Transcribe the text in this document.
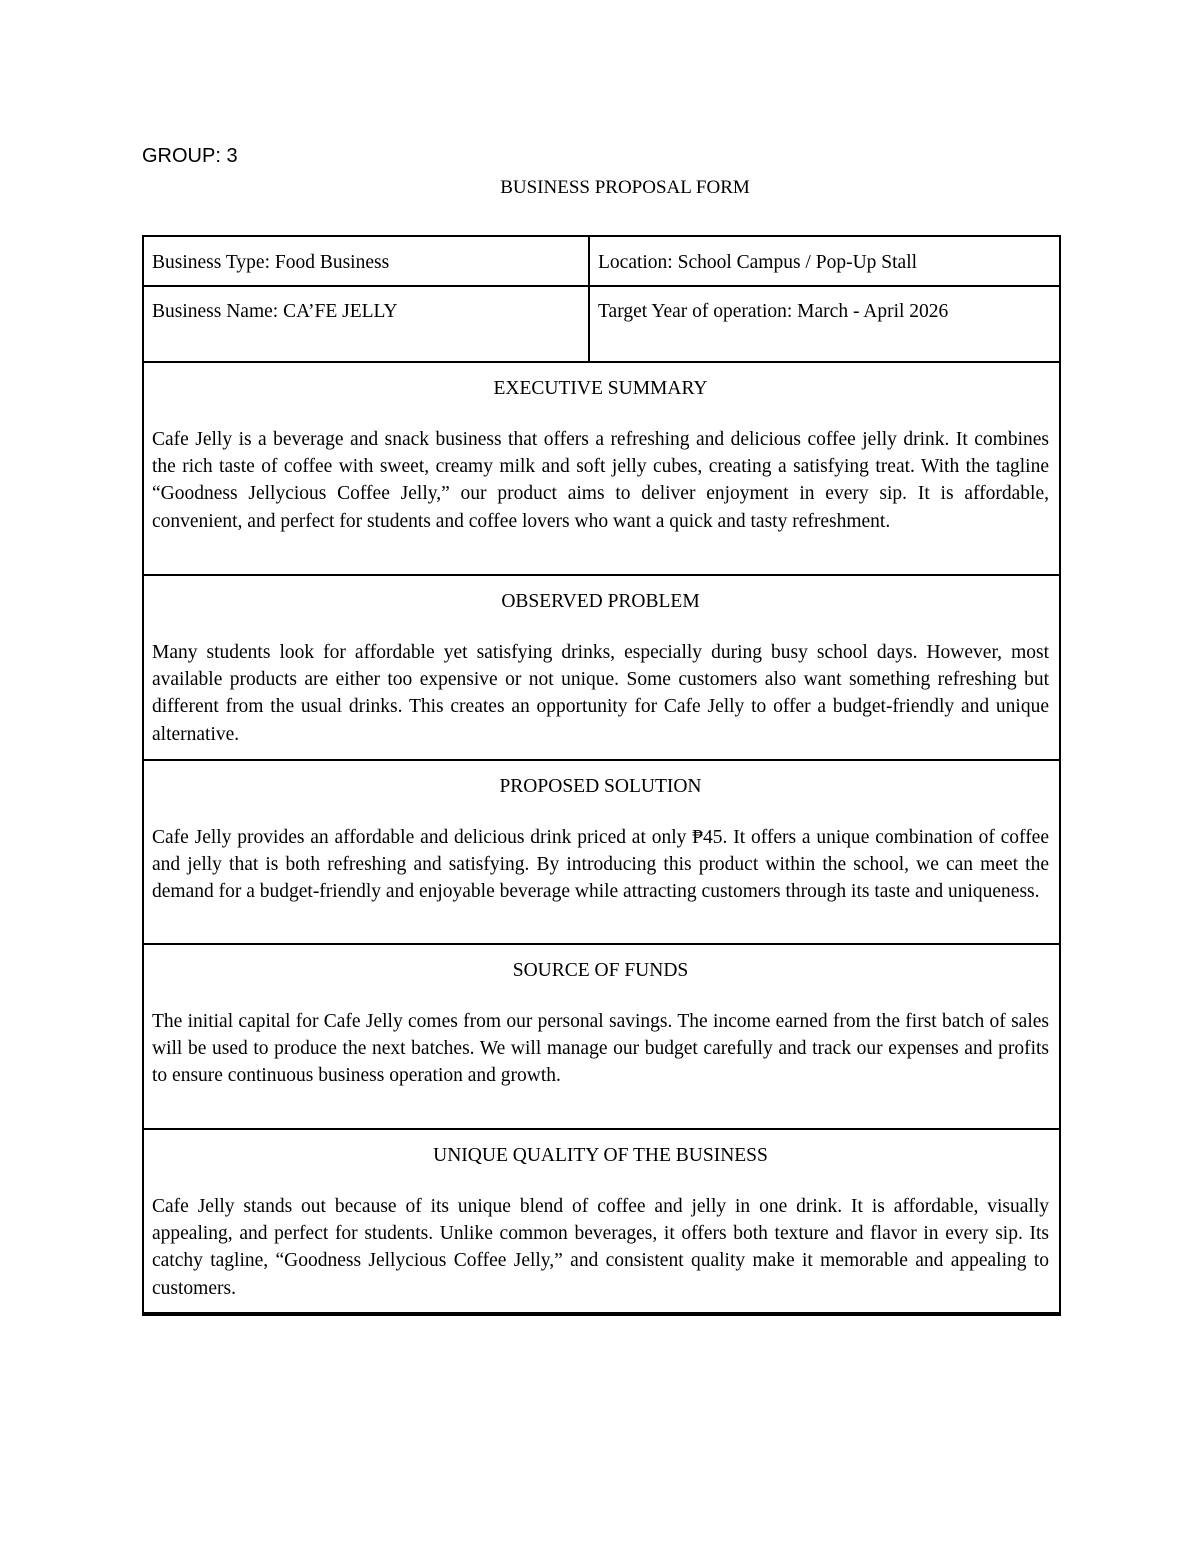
GROUP: 3

BUSINESS PROPOSAL FORM

Business Type: Food Business	Location: School Campus / Pop-Up Stall
Business Name: CA’FE JELLY	Target Year of operation: March - April 2026

EXECUTIVE SUMMARY

Cafe Jelly is a beverage and snack business that offers a refreshing and delicious coffee jelly drink. It combines the rich taste of coffee with sweet, creamy milk and soft jelly cubes, creating a satisfying treat. With the tagline “Goodness Jellycious Coffee Jelly,” our product aims to deliver enjoyment in every sip. It is affordable, convenient, and perfect for students and coffee lovers who want a quick and tasty refreshment.

OBSERVED PROBLEM

Many students look for affordable yet satisfying drinks, especially during busy school days. However, most available products are either too expensive or not unique. Some customers also want something refreshing but different from the usual drinks. This creates an opportunity for Cafe Jelly to offer a budget-friendly and unique alternative.

PROPOSED SOLUTION

Cafe Jelly provides an affordable and delicious drink priced at only ₱45. It offers a unique combination of coffee and jelly that is both refreshing and satisfying. By introducing this product within the school, we can meet the demand for a budget-friendly and enjoyable beverage while attracting customers through its taste and uniqueness.

SOURCE OF FUNDS

The initial capital for Cafe Jelly comes from our personal savings. The income earned from the first batch of sales will be used to produce the next batches. We will manage our budget carefully and track our expenses and profits to ensure continuous business operation and growth.

UNIQUE QUALITY OF THE BUSINESS

Cafe Jelly stands out because of its unique blend of coffee and jelly in one drink. It is affordable, visually appealing, and perfect for students. Unlike common beverages, it offers both texture and flavor in every sip. Its catchy tagline, “Goodness Jellycious Coffee Jelly,” and consistent quality make it memorable and appealing to customers.
